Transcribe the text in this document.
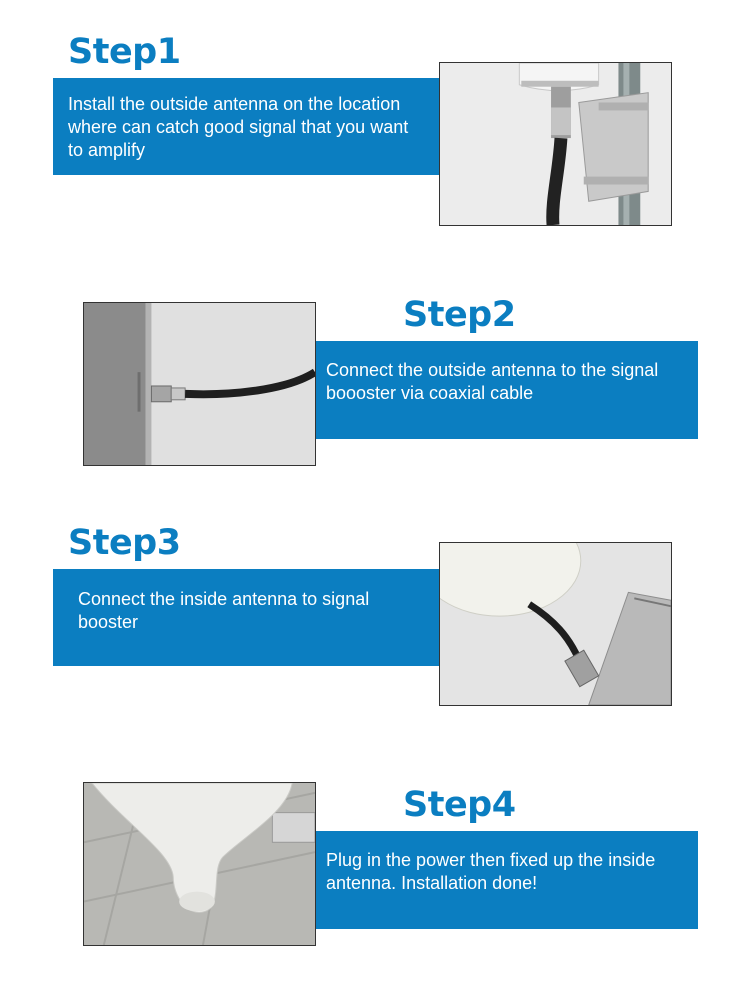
Step1
Install the outside antenna on the location where can catch good signal that you want to amplify
Step2
Connect the outside antenna to the signal boooster via coaxial cable
Step3
Connect the inside antenna to signal booster
Step4
Plug in the power then fixed up the inside antenna. Installation done!
